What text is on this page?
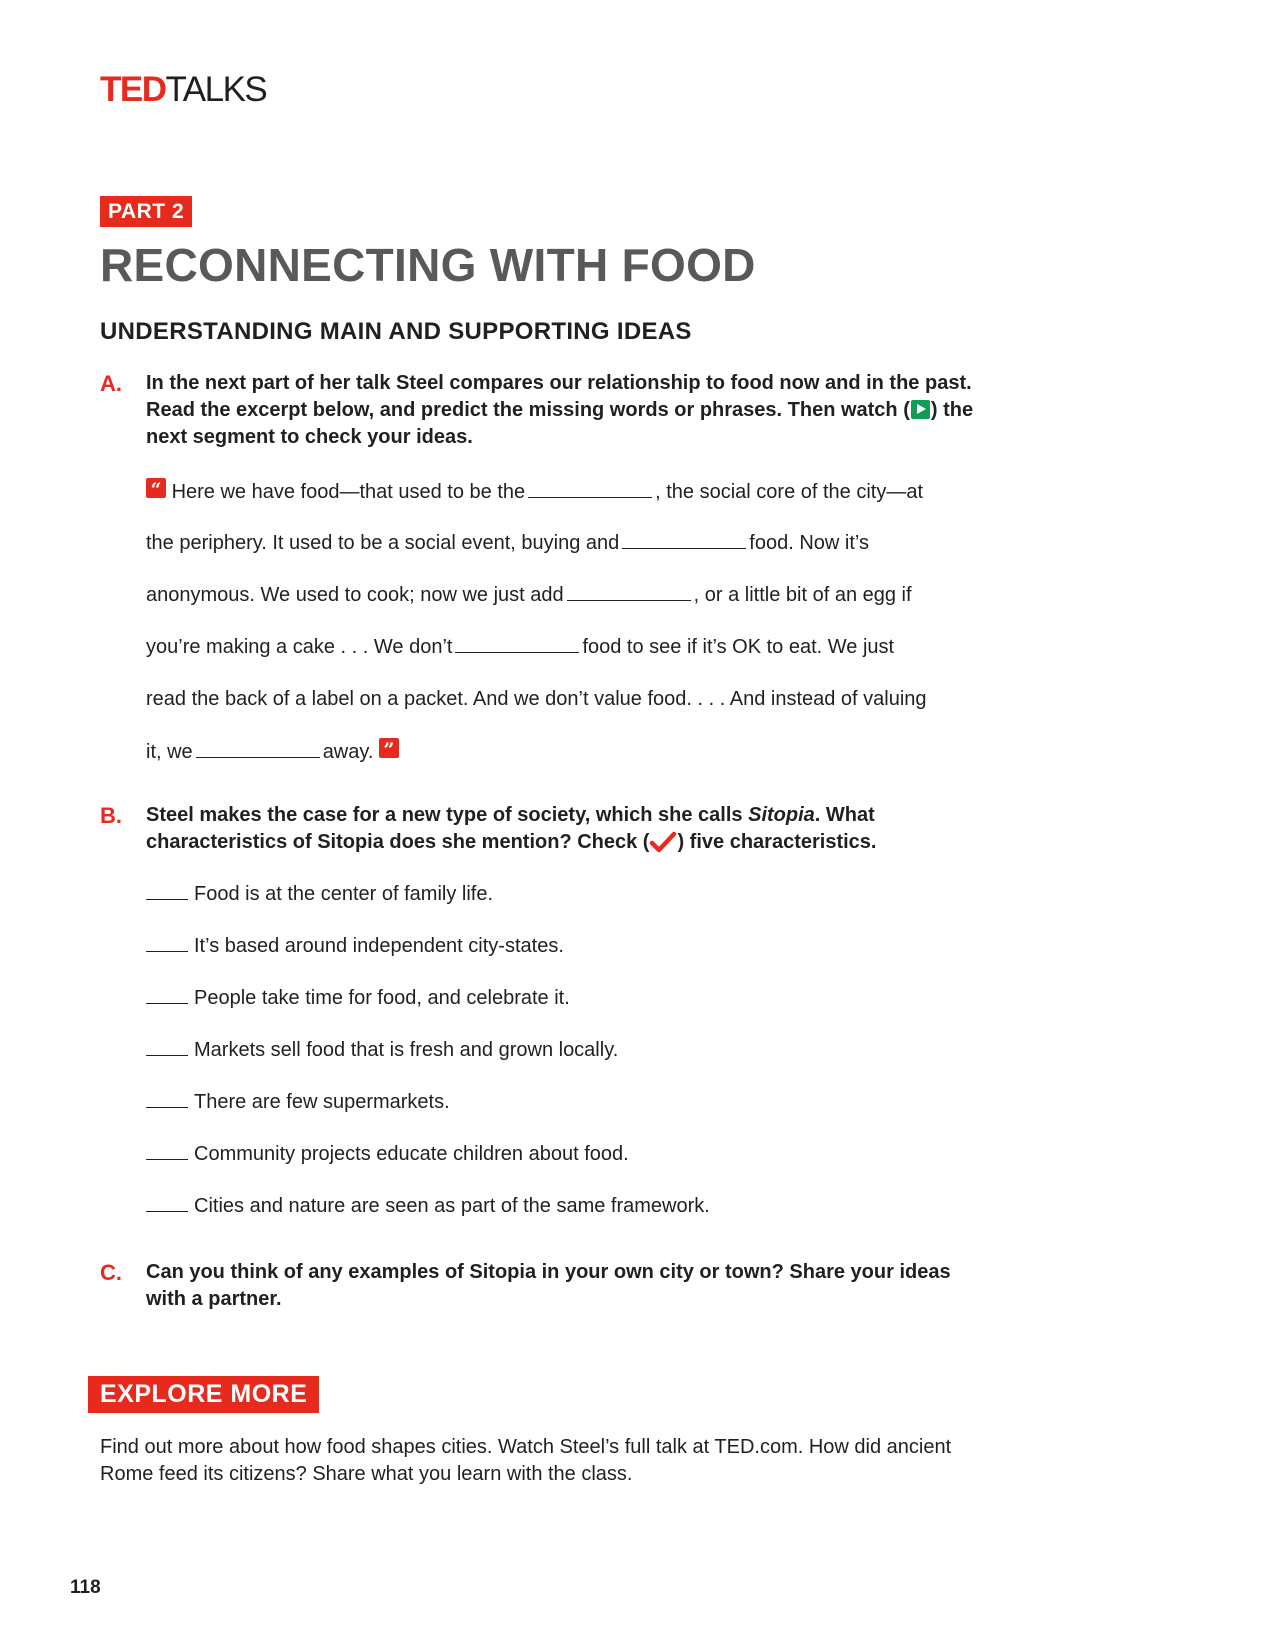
TEDTALKS
PART 2
RECONNECTING WITH FOOD
UNDERSTANDING MAIN AND SUPPORTING IDEAS
A. In the next part of her talk Steel compares our relationship to food now and in the past. Read the excerpt below, and predict the missing words or phrases. Then watch ( ) the next segment to check your ideas.
“ Here we have food—that used to be the	, the social core of the city—at
the periphery. It used to be a social event, buying and	food. Now it’s
anonymous. We used to cook; now we just add	, or a little bit of an egg if
you’re making a cake . . . We don’t	food to see if it’s OK to eat. We just
read the back of a label on a packet. And we don’t value food. . . . And instead of valuing
it, we	away. ”
B. Steel makes the case for a new type of society, which she calls Sitopia. What characteristics of Sitopia does she mention? Check ( ) five characteristics.
Food is at the center of family life.
It’s based around independent city-states.
People take time for food, and celebrate it.
Markets sell food that is fresh and grown locally.
There are few supermarkets.
Community projects educate children about food.
Cities and nature are seen as part of the same framework.
C. Can you think of any examples of Sitopia in your own city or town? Share your ideas with a partner.
EXPLORE MORE
Find out more about how food shapes cities. Watch Steel’s full talk at TED.com. How did ancient Rome feed its citizens? Share what you learn with the class.
118
